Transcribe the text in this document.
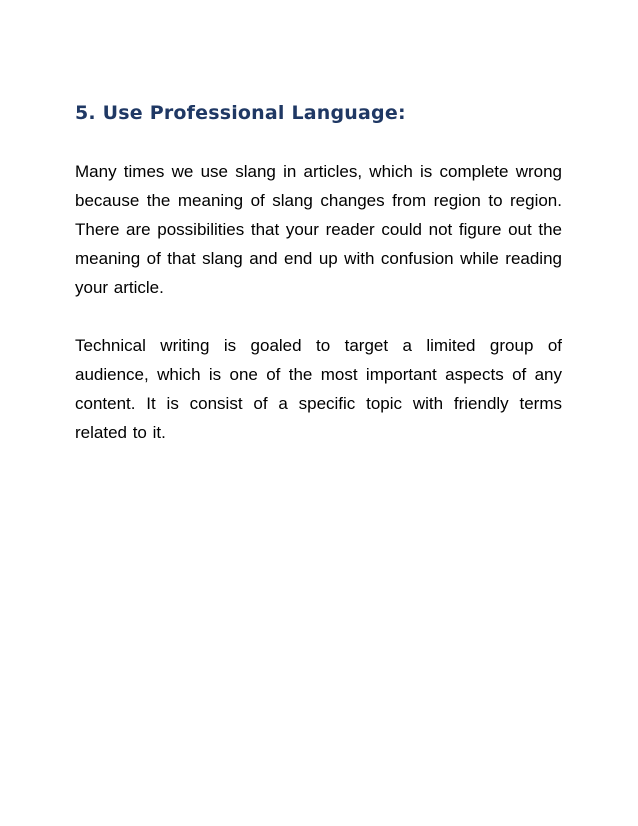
5. Use Professional Language:

Many times we use slang in articles, which is complete wrong because the meaning of slang changes from region to region. There are possibilities that your reader could not figure out the meaning of that slang and end up with confusion while reading your article.

Technical writing is goaled to target a limited group of audience, which is one of the most important aspects of any content. It is consist of a specific topic with friendly terms related to it.
